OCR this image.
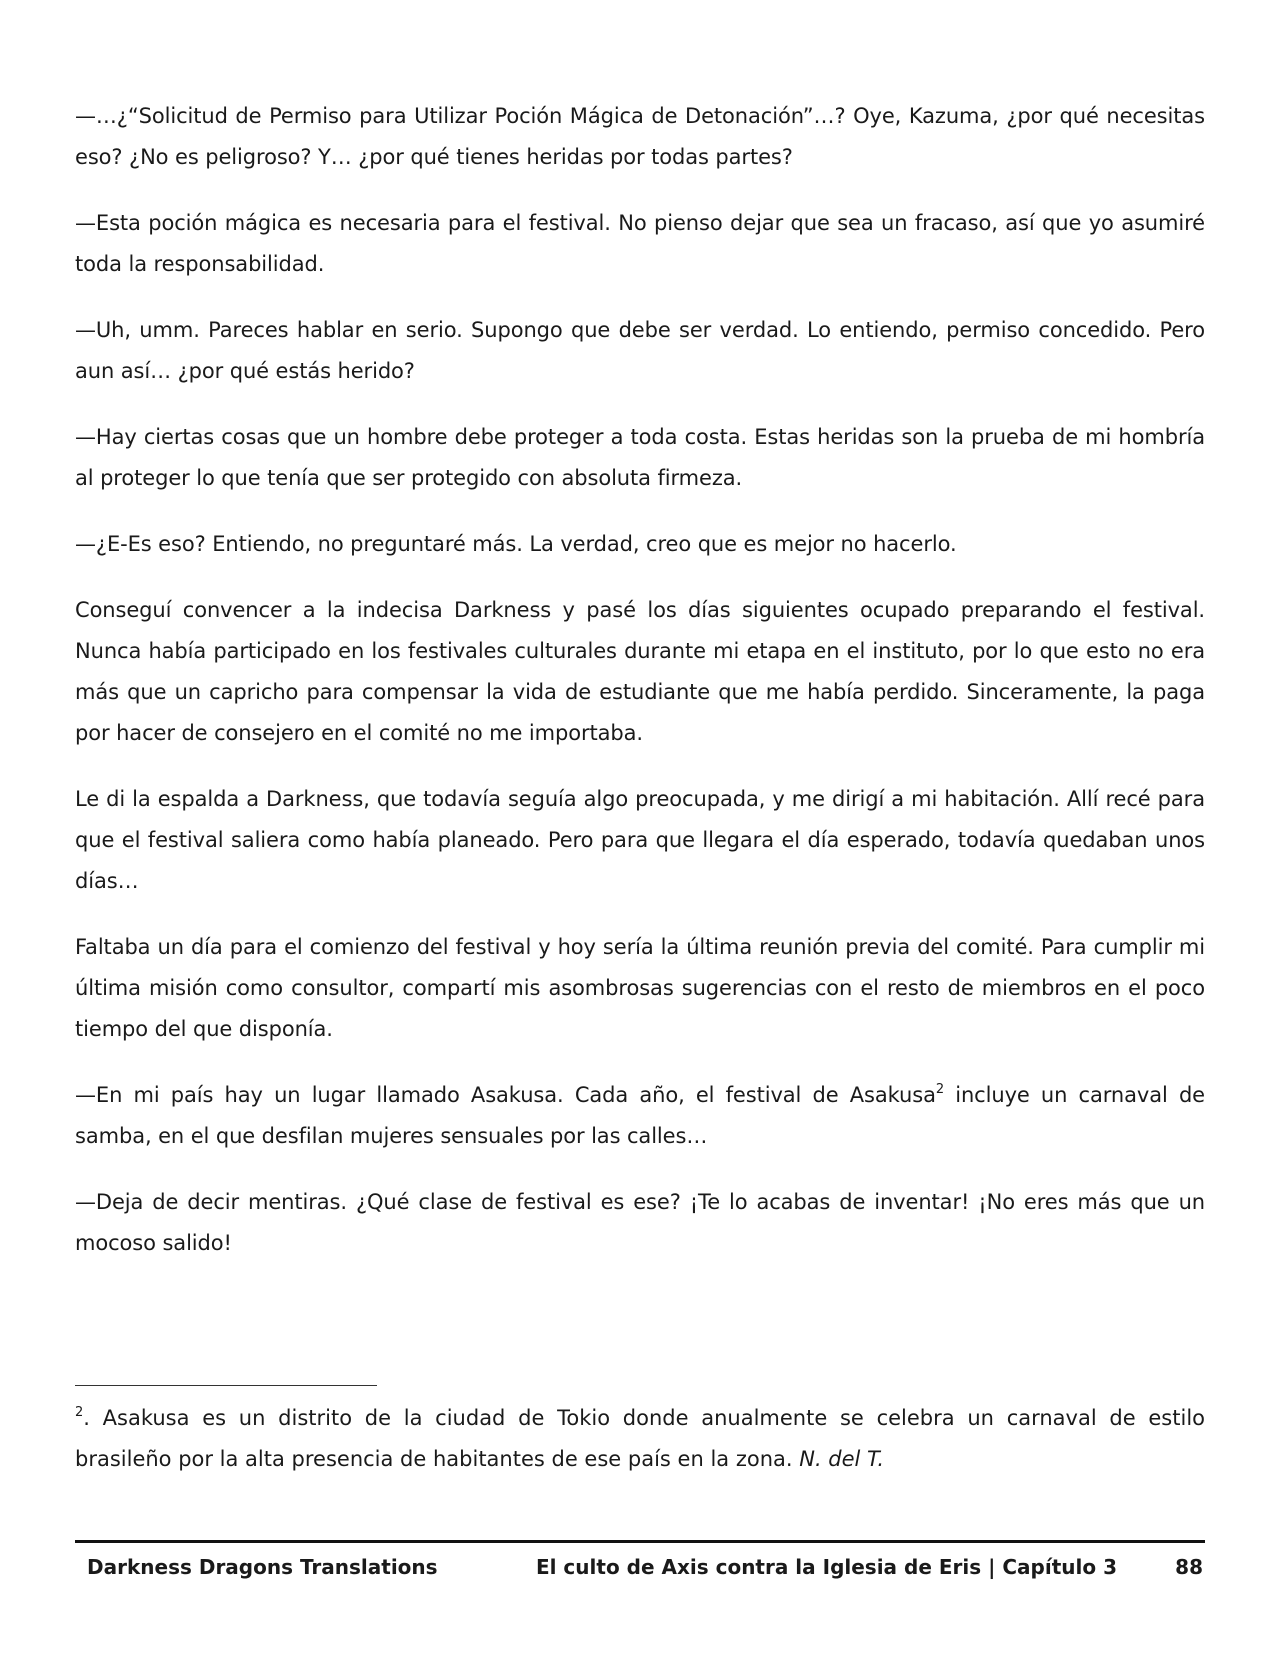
—…¿“Solicitud de Permiso para Utilizar Poción Mágica de Detonación”…? Oye, Kazuma, ¿por qué necesitas eso? ¿No es peligroso? Y… ¿por qué tienes heridas por todas partes?

—Esta poción mágica es necesaria para el festival. No pienso dejar que sea un fracaso, así que yo asumiré toda la responsabilidad.

—Uh, umm. Pareces hablar en serio. Supongo que debe ser verdad. Lo entiendo, permiso concedido. Pero aun así… ¿por qué estás herido?

—Hay ciertas cosas que un hombre debe proteger a toda costa. Estas heridas son la prueba de mi hombría al proteger lo que tenía que ser protegido con absoluta firmeza.

—¿E-Es eso? Entiendo, no preguntaré más. La verdad, creo que es mejor no hacerlo.

Conseguí convencer a la indecisa Darkness y pasé los días siguientes ocupado preparando el festival. Nunca había participado en los festivales culturales durante mi etapa en el instituto, por lo que esto no era más que un capricho para compensar la vida de estudiante que me había perdido. Sinceramente, la paga por hacer de consejero en el comité no me importaba.

Le di la espalda a Darkness, que todavía seguía algo preocupada, y me dirigí a mi habitación. Allí recé para que el festival saliera como había planeado. Pero para que llegara el día esperado, todavía quedaban unos días…

Faltaba un día para el comienzo del festival y hoy sería la última reunión previa del comité. Para cumplir mi última misión como consultor, compartí mis asombrosas sugerencias con el resto de miembros en el poco tiempo del que disponía.

—En mi país hay un lugar llamado Asakusa. Cada año, el festival de Asakusa$^2$ incluye un carnaval de samba, en el que desfilan mujeres sensuales por las calles…

—Deja de decir mentiras. ¿Qué clase de festival es ese? ¡Te lo acabas de inventar! ¡No eres más que un mocoso salido!

$^2$. Asakusa es un distrito de la ciudad de Tokio donde anualmente se celebra un carnaval de estilo brasileño por la alta presencia de habitantes de ese país en la zona. N. del T.
Darkness Dragons Translations	El culto de Axis contra la Iglesia de Eris | Capítulo 3	88
